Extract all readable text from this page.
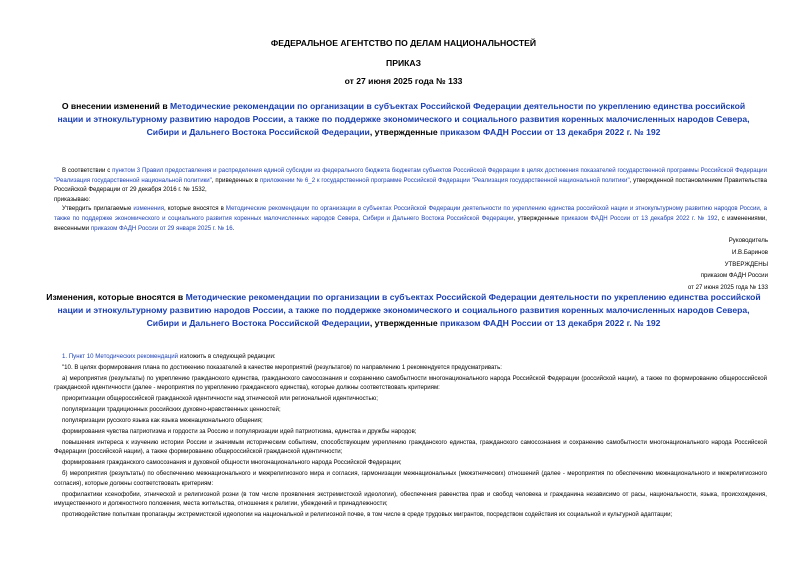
ФЕДЕРАЛЬНОЕ АГЕНТСТВО ПО ДЕЛАМ НАЦИОНАЛЬНОСТЕЙ
ПРИКАЗ
от 27 июня 2025 года № 133
О внесении изменений в Методические рекомендации по организации в субъектах Российской Федерации деятельности по укреплению единства российской нации и этнокультурному развитию народов России, а также по поддержке экономического и социального развития коренных малочисленных народов Севера, Сибири и Дальнего Востока Российской Федерации, утвержденные приказом ФАДН России от 13 декабря 2022 г. № 192

В соответствии с пунктом 3 Правил предоставления и распределения единой субсидии из федерального бюджета бюджетам субъектов Российской Федерации в целях достижения показателей государственной программы Российской Федерации "Реализация государственной национальной политики", приведенных в приложении № 6_2 к государственной программе Российской Федерации "Реализация государственной национальной политики", утвержденной постановлением Правительства Российской Федерации от 29 декабря 2016 г. № 1532,

приказываю:

Утвердить прилагаемые изменения, которые вносятся в Методические рекомендации по организации в субъектах Российской Федерации деятельности по укреплению единства российской нации и этнокультурному развитию народов России, а также по поддержке экономического и социального развития коренных малочисленных народов Севера, Сибири и Дальнего Востока Российской Федерации, утвержденные приказом ФАДН России от 13 декабря 2022 г. № 192, с изменениями, внесенными приказом ФАДН России от 29 января 2025 г. № 16.

Руководитель
И.В.Баринов
УТВЕРЖДЕНЫ
приказом ФАДН России
от 27 июня 2025 года № 133
Изменения, которые вносятся в Методические рекомендации по организации в субъектах Российской Федерации деятельности по укреплению единства российской нации и этнокультурному развитию народов России, а также по поддержке экономического и социального развития коренных малочисленных народов Севера, Сибири и Дальнего Востока Российской Федерации, утвержденные приказом ФАДН России от 13 декабря 2022 г. № 192

1. Пункт 10 Методических рекомендаций изложить в следующей редакции:

"10. В целях формирования плана по достижению показателей в качестве мероприятий (результатов) по направлению 1 рекомендуется предусматривать:

а) мероприятия (результаты) по укреплению гражданского единства, гражданского самосознания и сохранению самобытности многонационального народа Российской Федерации (российской нации), а также по формированию общероссийской гражданской идентичности (далее - мероприятия по укреплению гражданского единства), которые должны соответствовать критериям:

приоритизации общероссийской гражданской идентичности над этнической или региональной идентичностью;

популяризации традиционных российских духовно-нравственных ценностей;

популяризации русского языка как языка межнационального общения;

формирования чувства патриотизма и гордости за Россию и популяризации идей патриотизма, единства и дружбы народов;

повышения интереса к изучению истории России и значимым историческим событиям, способствующим укреплению гражданского единства, гражданского самосознания и сохранению самобытности многонационального народа Российской Федерации (российской нации), а также формированию общероссийской гражданской идентичности;

формирования гражданского самосознания и духовной общности многонационального народа Российской Федерации;

б) мероприятия (результаты) по обеспечению межнационального и межрелигиозного мира и согласия, гармонизации межнациональных (межэтнических) отношений (далее - мероприятия по обеспечению межнационального и межрелигиозного согласия), которые должны соответствовать критериям:

профилактики ксенофобии, этнической и религиозной розни (в том числе проявления экстремистской идеологии), обеспечения равенства прав и свобод человека и гражданина независимо от расы, национальности, языка, происхождения, имущественного и должностного положения, места жительства, отношения к религии, убеждений и принадлежности;

противодействие попыткам пропаганды экстремистской идеологии на национальной и религиозной почве, в том числе в среде трудовых мигрантов, посредством содействия их социальной и культурной адаптации;
